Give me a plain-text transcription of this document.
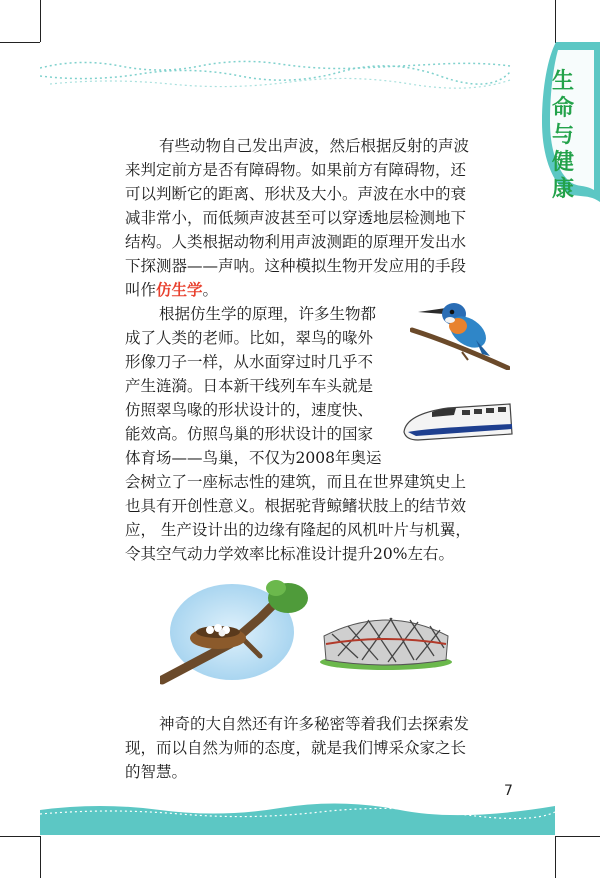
生命与健康
有些动物自己发出声波，然后根据反射的声波
来判定前方是否有障碍物。如果前方有障碍物，还
可以判断它的距离、形状及大小。声波在水中的衰
减非常小，而低频声波甚至可以穿透地层检测地下
结构。人类根据动物利用声波测距的原理开发出水
下探测器——声呐。这种模拟生物开发应用的手段
叫作仿生学。
根据仿生学的原理，许多生物都
成了人类的老师。比如，翠鸟的喙外
形像刀子一样，从水面穿过时几乎不
产生涟漪。日本新干线列车车头就是
仿照翠鸟喙的形状设计的，速度快、
能效高。仿照鸟巢的形状设计的国家
体育场——鸟巢，不仅为2008年奥运
会树立了一座标志性的建筑，而且在世界建筑史上
也具有开创性意义。根据驼背鲸鳍状肢上的结节效
应， 生产设计出的边缘有隆起的风机叶片与机翼，
令其空气动力学效率比标准设计提升20%左右。
神奇的大自然还有许多秘密等着我们去探索发
现，而以自然为师的态度，就是我们博采众家之长
的智慧。
7
